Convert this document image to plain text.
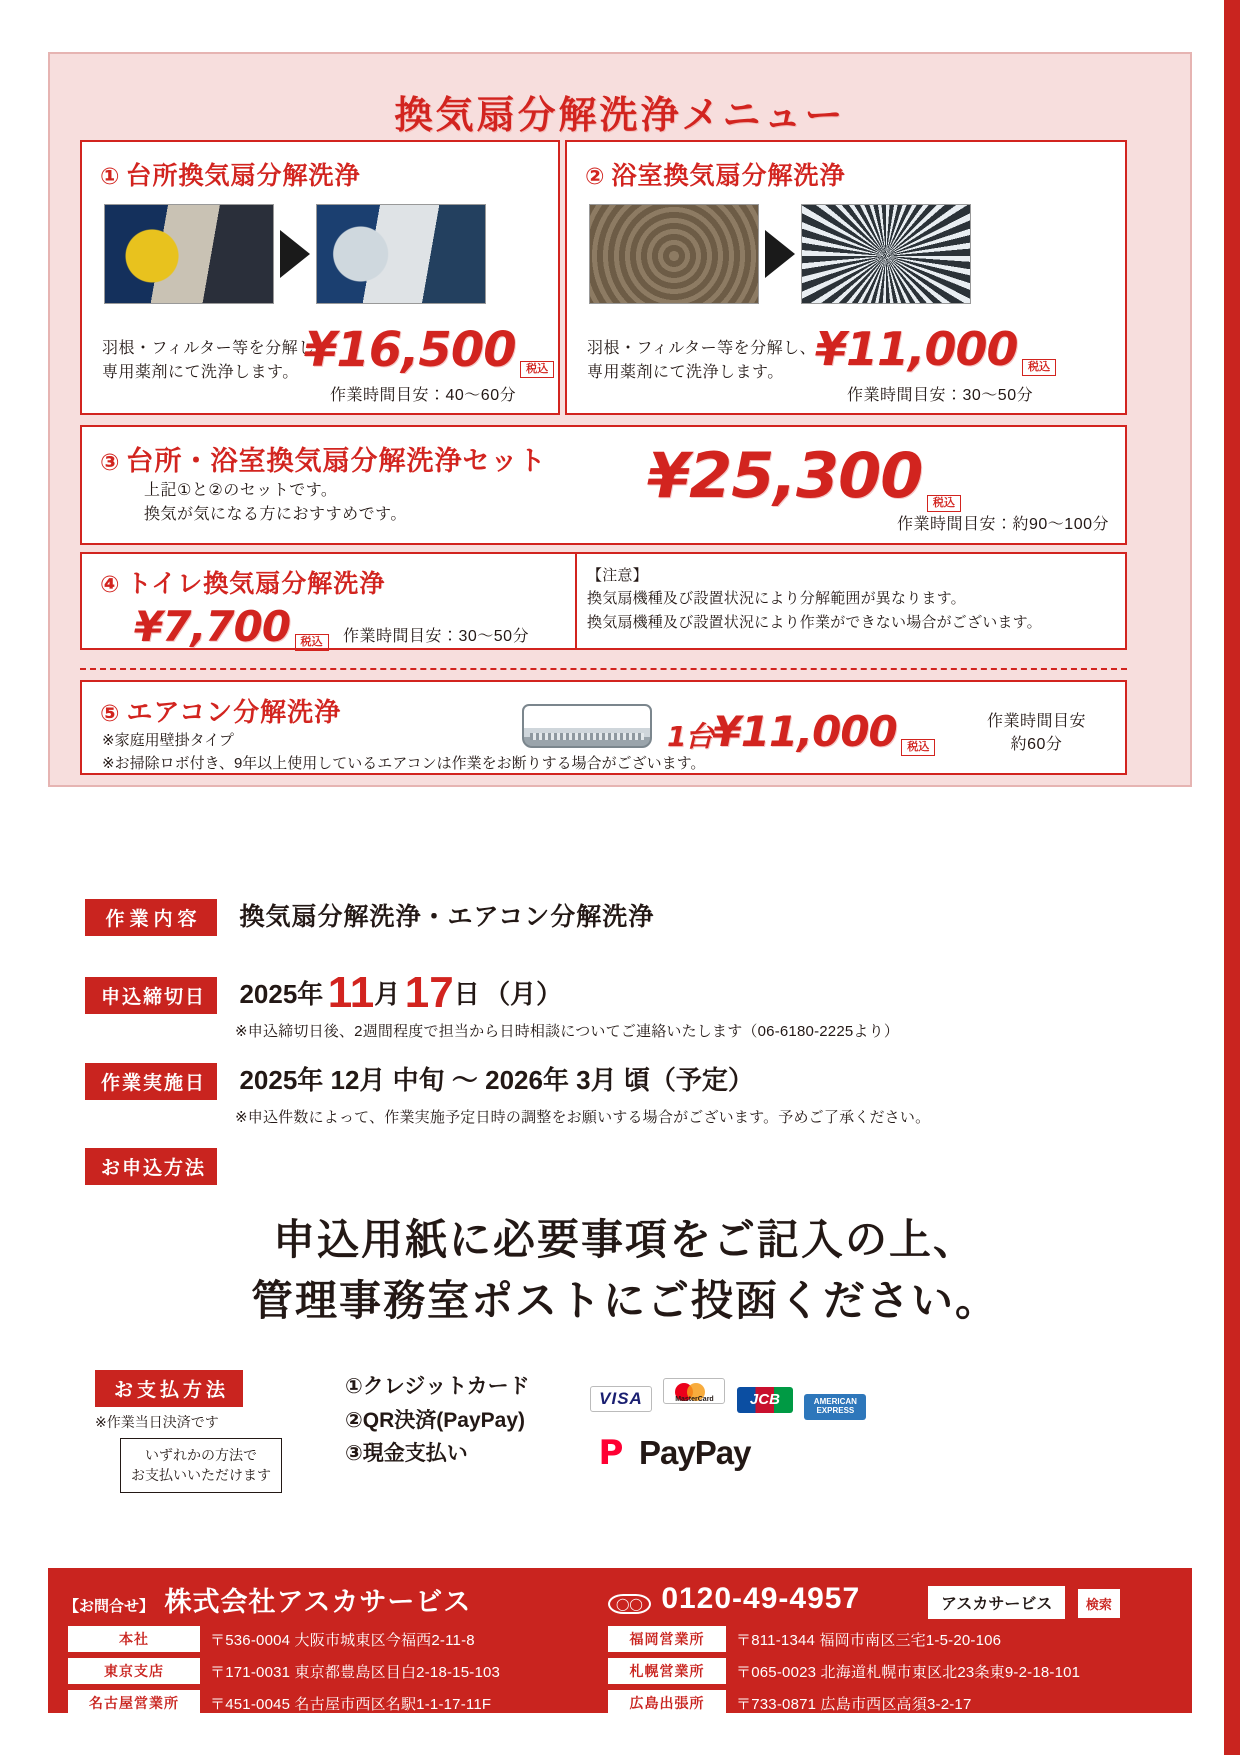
換気扇分解洗浄メニュー
① 台所換気扇分解洗浄
羽根・フィルター等を分解し、
専用薬剤にて洗浄します。 ¥16,500 税込
作業時間目安：40〜60分
② 浴室換気扇分解洗浄
羽根・フィルター等を分解し、
専用薬剤にて洗浄します。 ¥11,000 税込
作業時間目安：30〜50分
③ 台所・浴室換気扇分解洗浄セット
上記①と②のセットです。
換気が気になる方におすすめです。
¥25,300 税込
作業時間目安：約90〜100分
④ トイレ換気扇分解洗浄
¥7,700 税込 作業時間目安：30〜50分
【注意】
換気扇機種及び設置状況により分解範囲が異なります。
換気扇機種及び設置状況により作業ができない場合がございます。
⑤ エアコン分解洗浄
※家庭用壁掛タイプ
※お掃除ロボ付き、9年以上使用しているエアコンは作業をお断りする場合がございます。
1台¥11,000 税込
作業時間目安
約60分
作業内容 換気扇分解洗浄・エアコン分解洗浄
申込締切日 2025年 11月 17日 （月）
※申込締切日後、2週間程度で担当から日時相談についてご連絡いたします（06-6180-2225より）
作業実施日 2025年 12月 中旬 〜 2026年 3月 頃（予定）
※申込件数によって、作業実施予定日時の調整をお願いする場合がございます。予めご了承ください。
お申込方法
申込用紙に必要事項をご記入の上、
管理事務室ポストにご投函ください。
お支払方法
※作業当日決済です
いずれかの方法で
お支払いいただけます
①クレジットカード
②QR決済(PayPay)
③現金支払い
VISA	MasterCard	JCB	AMERICAN EXPRESS
P PayPay
【お問合せ】 株式会社アスカサービス	◯◯ 0120-49-4957	アスカサービス	検索
本社	〒536-0004 大阪市城東区今福西2-11-8
東京支店	〒171-0031 東京都豊島区目白2-18-15-103
名古屋営業所	〒451-0045 名古屋市西区名駅1-1-17-11F
福岡営業所	〒811-1344 福岡市南区三宅1-5-20-106
札幌営業所	〒065-0023 北海道札幌市東区北23条東9-2-18-101
広島出張所	〒733-0871 広島市西区高須3-2-17
